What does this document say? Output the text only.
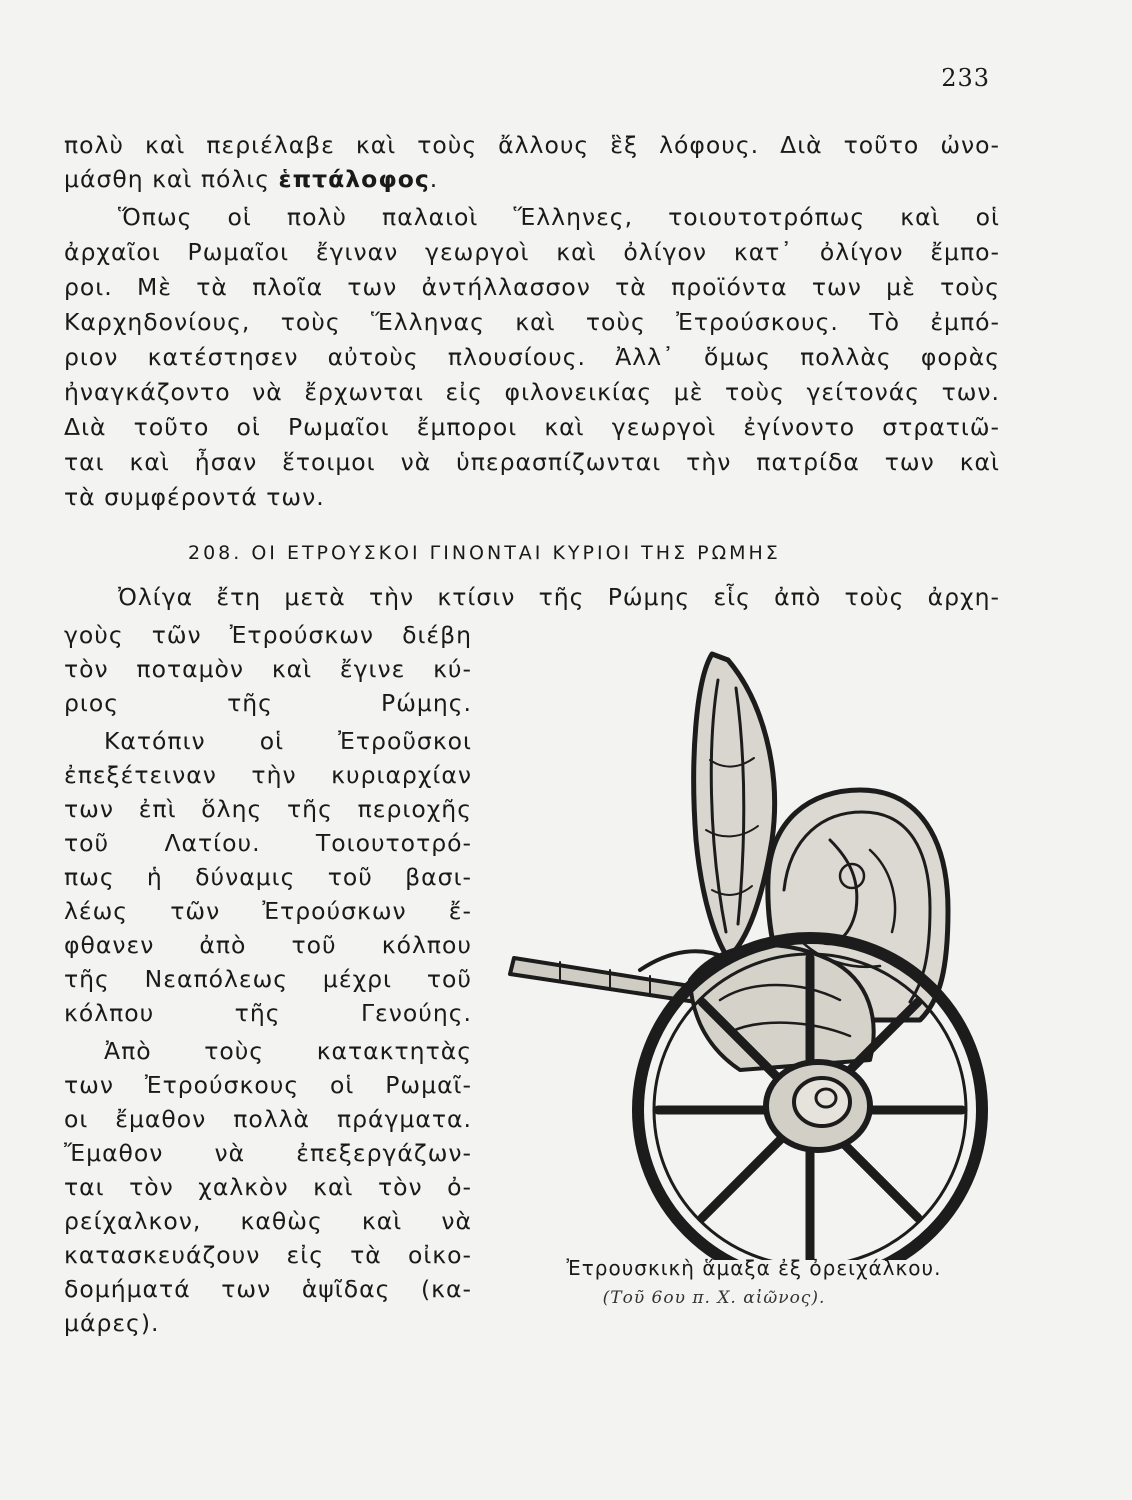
233
πολὺ καὶ περιέλαβε καὶ τοὺς ἄλλους ἓξ λόφους. Διὰ τοῦτο ὠνο-
μάσθη καὶ πόλις ἑπτάλοφος.
Ὅπως οἱ πολὺ παλαιοὶ Ἕλληνες, τοιουτοτρόπως καὶ οἱ
ἀρχαῖοι Ρωμαῖοι ἔγιναν γεωργοὶ καὶ ὀλίγον κατ᾽ ὀλίγον ἔμπο-
ροι. Μὲ τὰ πλοῖα των ἀντήλλασσον τὰ προϊόντα των μὲ τοὺς
Καρχηδονίους, τοὺς Ἕλληνας καὶ τοὺς Ἐτρούσκους. Τὸ ἐμπό-
ριον κατέστησεν αὐτοὺς πλουσίους. Ἀλλ᾽ ὅμως πολλὰς φορὰς
ἠναγκάζοντο νὰ ἔρχωνται εἰς φιλονεικίας μὲ τοὺς γείτονάς των.
Διὰ τοῦτο οἱ Ρωμαῖοι ἔμποροι καὶ γεωργοὶ ἐγίνοντο στρατιῶ-
ται καὶ ἦσαν ἕτοιμοι νὰ ὑπερασπίζωνται τὴν πατρίδα των καὶ
τὰ συμφέροντά των.
208. ΟΙ ΕΤΡΟΥΣΚΟΙ ΓΙΝΟΝΤΑΙ ΚΥΡΙΟΙ ΤΗΣ ΡΩΜΗΣ
Ὀλίγα ἔτη μετὰ τὴν κτίσιν τῆς Ρώμης εἷς ἀπὸ τοὺς ἀρχη-
γοὺς τῶν Ἐτρούσκων διέβη
τὸν ποταμὸν καὶ ἔγινε κύ-
ριος τῆς Ρώμης.
Κατόπιν οἱ Ἐτροῦσκοι
ἐπεξέτειναν τὴν κυριαρχίαν
των ἐπὶ ὅλης τῆς περιοχῆς
τοῦ Λατίου. Τοιουτοτρό-
πως ἡ δύναμις τοῦ βασι-
λέως τῶν Ἐτρούσκων ἔ-
φθανεν ἀπὸ τοῦ κόλπου
τῆς Νεαπόλεως μέχρι τοῦ
κόλπου τῆς Γενούης.
Ἀπὸ τοὺς κατακτητὰς
των Ἐτρούσκους οἱ Ρωμαῖ-
οι ἔμαθον πολλὰ πράγματα.
Ἔμαθον νὰ ἐπεξεργάζων-
ται τὸν χαλκὸν καὶ τὸν ὀ-
ρείχαλκον, καθὼς καὶ νὰ
κατασκευάζουν εἰς τὰ οἰκο-
δομήματά των ἁψῖδας (κα-
μάρες).
Ἐτρουσκικὴ ἅμαξα ἐξ ὀρειχάλκου.
(Τοῦ 6ου π. Χ. αἰῶνος).
